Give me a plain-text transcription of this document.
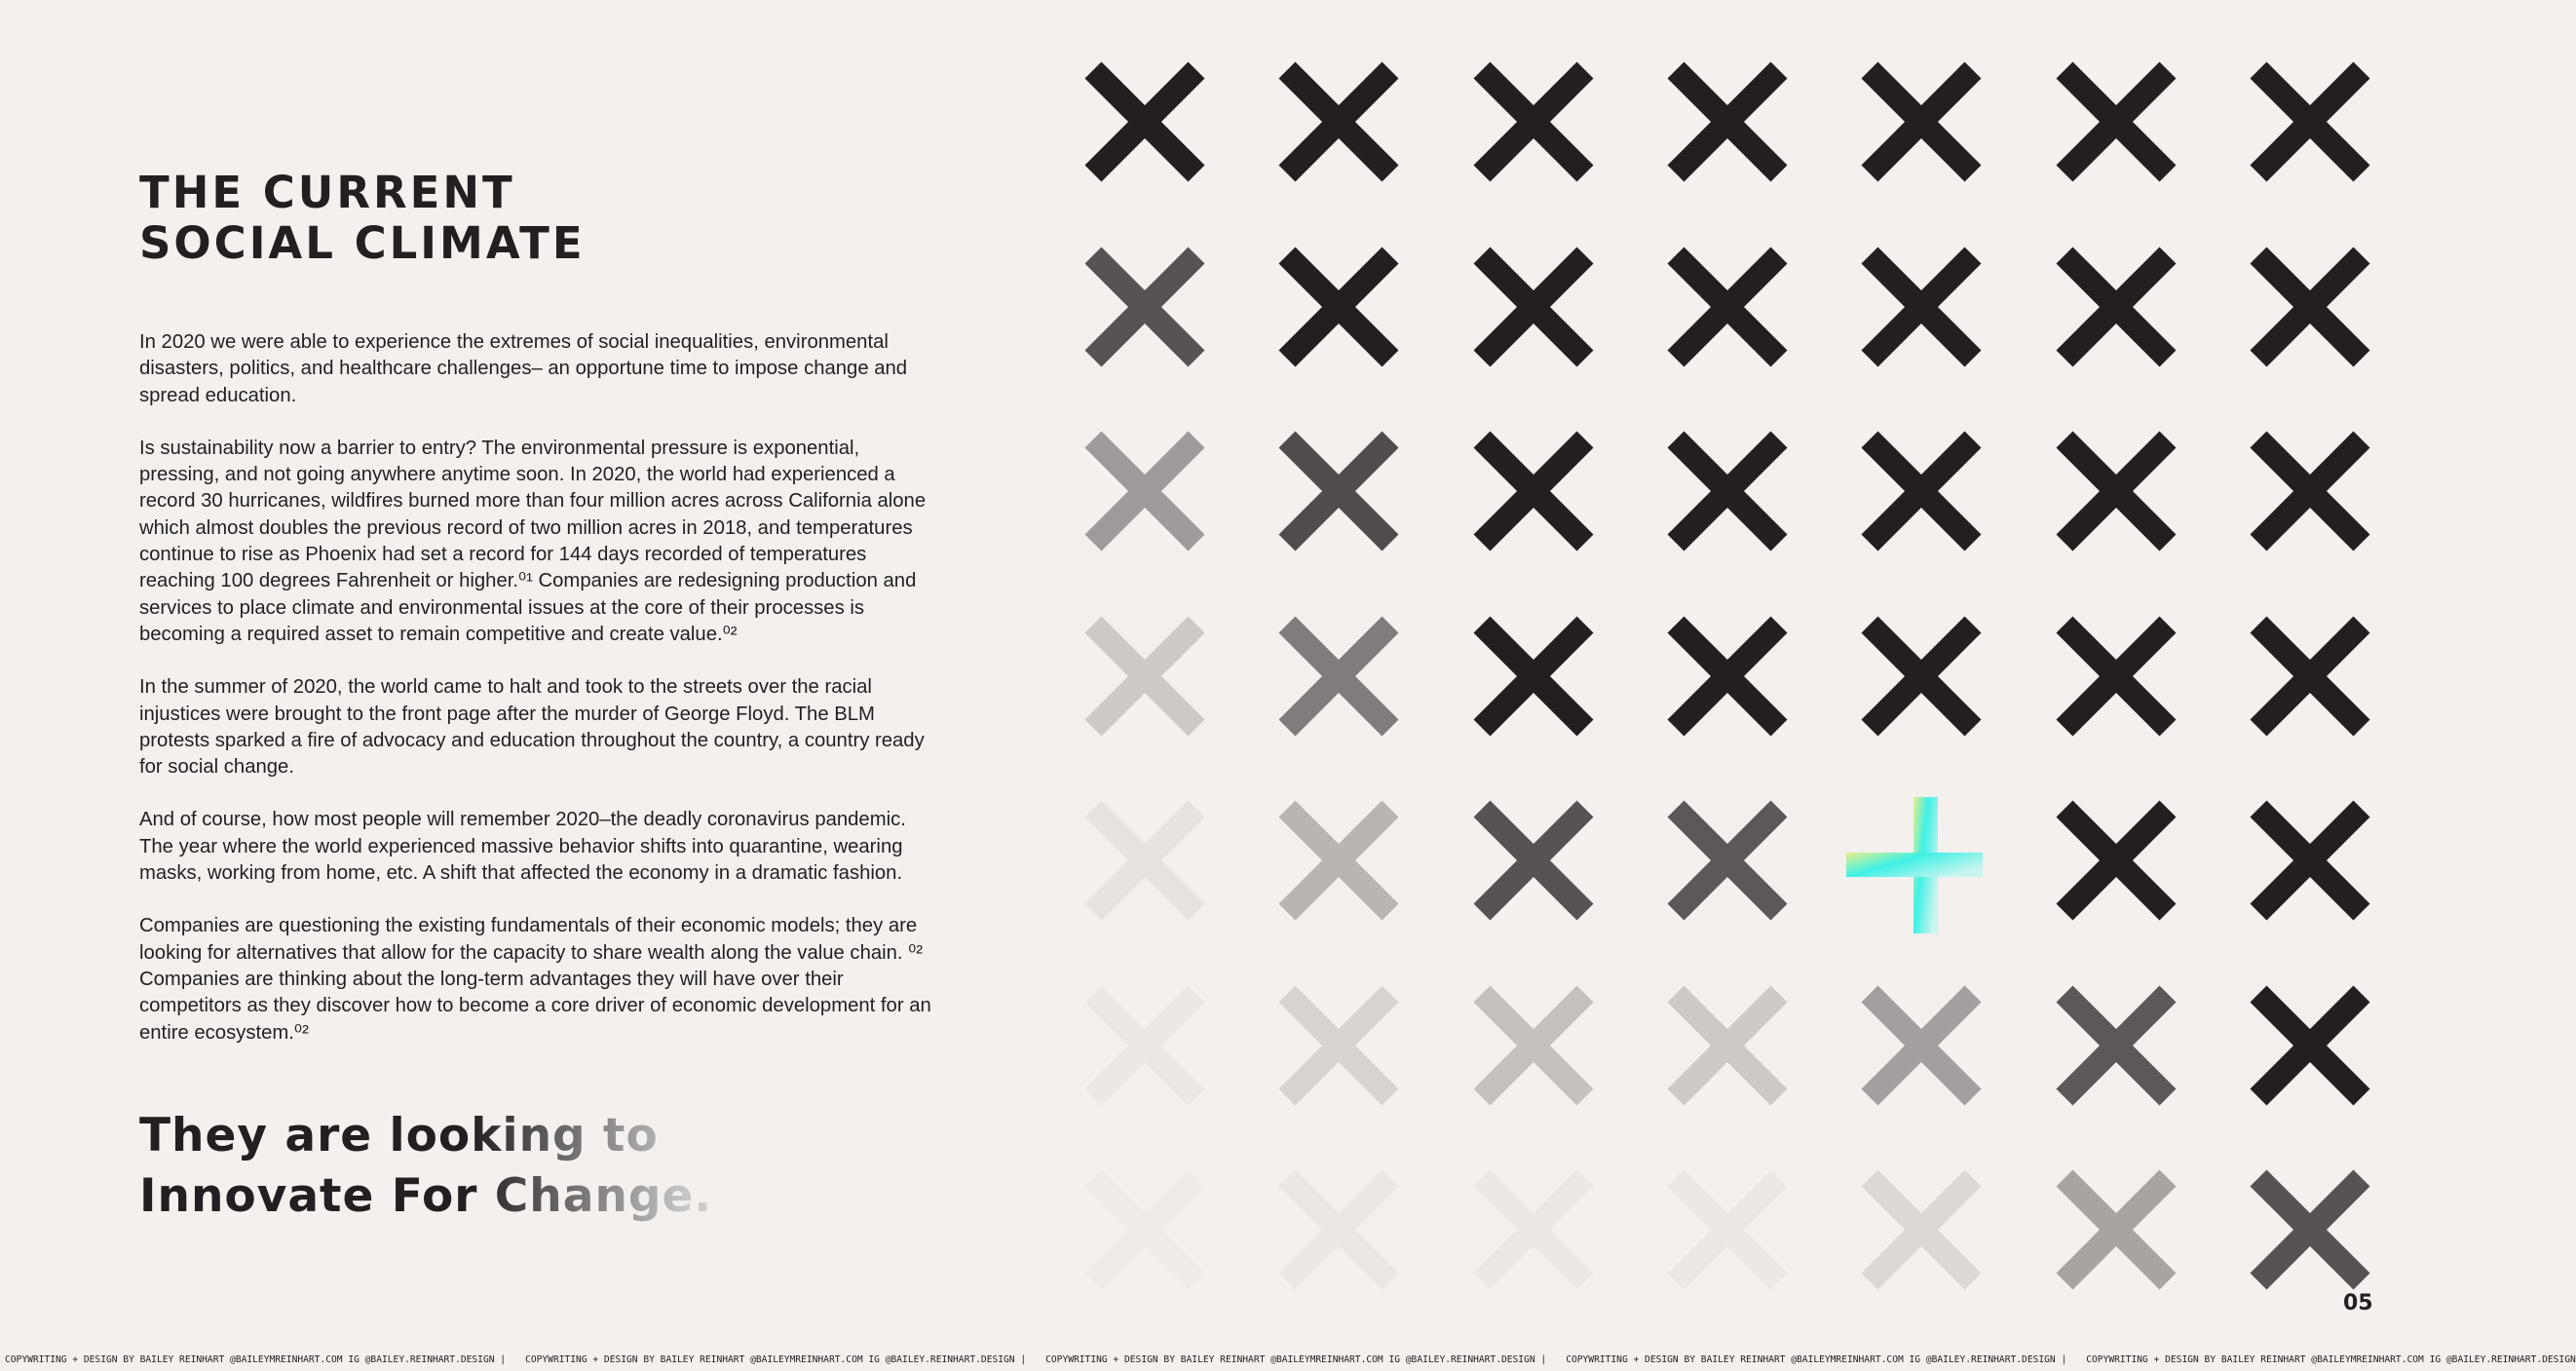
THE CURRENT
SOCIAL CLIMATE

In 2020 we were able to experience the extremes of social inequalities, environmental disasters, politics, and healthcare challenges– an opportune time to impose change and spread education.

Is sustainability now a barrier to entry? The environmental pressure is exponential, pressing, and not going anywhere anytime soon. In 2020, the world had experienced a record 30 hurricanes, wildfires burned more than four million acres across California alone which almost doubles the previous record of two million acres in 2018, and temperatures continue to rise as Phoenix had set a record for 144 days recorded of temperatures reaching 100 degrees Fahrenheit or higher.⁰¹ Companies are redesigning production and services to place climate and environmental issues at the core of their processes is becoming a required asset to remain competitive and create value.⁰²

In the summer of 2020, the world came to halt and took to the streets over the racial injustices were brought to the front page after the murder of George Floyd. The BLM protests sparked a fire of advocacy and education throughout the country, a country ready for social change.

And of course, how most people will remember 2020–the deadly coronavirus pandemic. The year where the world experienced massive behavior shifts into quarantine, wearing masks, working from home, etc. A shift that affected the economy in a dramatic fashion.

Companies are questioning the existing fundamentals of their economic models; they are looking for alternatives that allow for the capacity to share wealth along the value chain. ⁰² Companies are thinking about the long-term advantages they will have over their competitors as they discover how to become a core driver of economic development for an entire ecosystem.⁰²

They are looking to
Innovate For Change.
05
COPYWRITING + DESIGN BY BAILEY REINHART @BAILEYMREINHART.COM IG @BAILEY.REINHART.DESIGN | COPYWRITING + DESIGN BY BAILEY REINHART @BAILEYMREINHART.COM IG @BAILEY.REINHART.DESIGN | COPYWRITING + DESIGN BY BAILEY REINHART @BAILEYMREINHART.COM IG @BAILEY.REINHART.DESIGN | COPYWRITING + DESIGN BY BAILEY REINHART @BAILEYMREINHART.COM IG @BAILEY.REINHART.DESIGN | COPYWRITING + DESIGN BY BAILEY REINHART @BAILEYMREINHART.COM IG @BAILEY.REINHART.DESIGN
